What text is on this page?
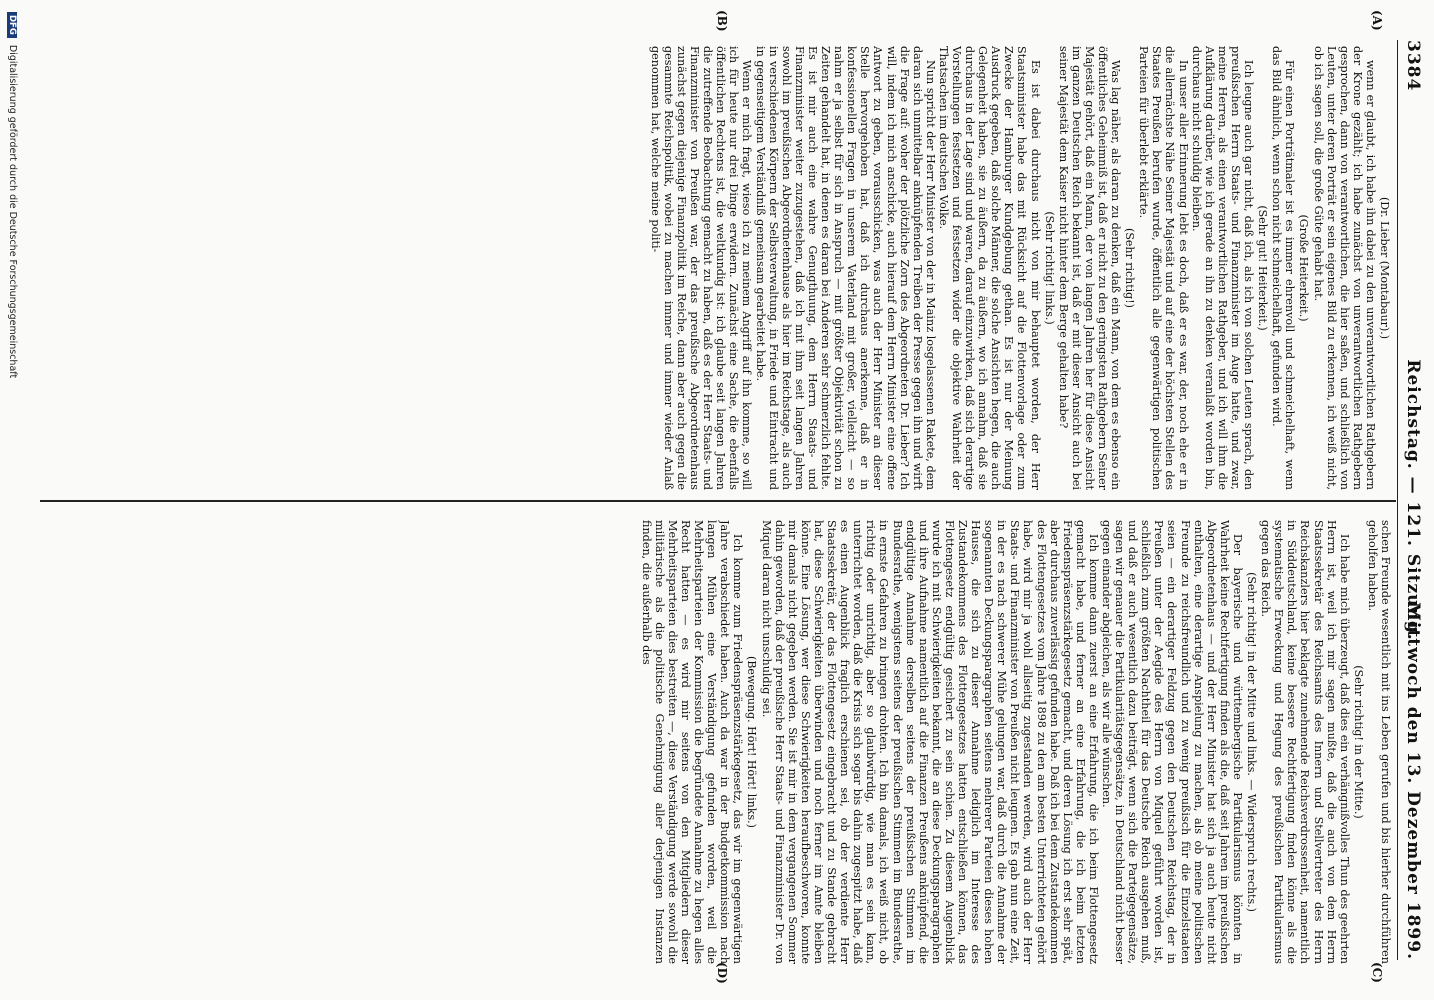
3384
Reichstag. — 121. Sitzung.
Mittwoch den 13. Dezember 1899.
(A)
(B)
(C)
(D)

(Dr. Lieber (Montabaur).)

wenn er glaubt, ich habe ihn dabei zu den unverantwortlichen Rathgebern der Krone gezählt; ich habe zunächst von unverantwortlichen Rathgebern gesprochen, dann von verantwortlichen, die hier saßen, und schließlich von Leuten, unter deren Porträt er sein eigenes Bild zu erkennen, ich weiß nicht, ob ich sagen soll, die große Güte gehabt hat.

(Große Heiterkeit.)

Für einen Porträtmaler ist es immer ehrenvoll und schmeichelhaft, wenn das Bild ähnlich, wenn schon nicht schmeichelhaft, gefunden wird.

(Sehr gut! Heiterkeit.)

Ich leugne auch gar nicht, daß ich, als ich von solchen Leuten sprach, den preußischen Herrn Staats- und Finanzminister im Auge hatte, und zwar, meine Herren, als einen verantwortlichen Rathgeber, und ich will ihm die Aufklärung darüber, wie ich gerade an ihn zu denken veranlaßt worden bin, durchaus nicht schuldig bleiben.

In unser aller Erinnerung lebt es doch, daß er es war, der, noch ehe er in die allernächste Nähe Seiner Majestät und auf eine der höchsten Stellen des Staates Preußen berufen wurde, öffentlich alle gegenwärtigen politischen Parteien für überlebt erklärte.

(Sehr richtig!)

Was lag näher, als daran zu denken, daß ein Mann, von dem es ebenso ein öffentliches Geheimniß ist, daß er nicht zu den geringsten Rathgebern Seiner Majestät gehört, daß ein Mann, der von langen Jahren her für diese Ansicht im ganzen Deutschen Reich bekannt ist, daß er mit dieser Ansicht auch bei seiner Majestät dem Kaiser nicht hinter dem Berge gehalten habe?

(Sehr richtig! links.)

Es ist dabei durchaus nicht von mir behauptet worden, der Herr Staatsminister habe das mit Rücksicht auf die Flottenvorlage oder zum Zwecke der Hamburger Kundgebung gethan. Es ist nur der Meinung Ausdruck gegeben, daß solche Männer, die solche Ansichten hegen, die auch Gelegenheit haben, sie zu äußern, da zu äußern, wo ich annahm, daß sie durchaus in der Lage sind und waren, darauf einzuwirken, daß sich derartige Vorstellungen festsetzen und festsetzen wider die objektive Wahrheit der Thatsachen im deutschen Volke.

Nun spricht der Herr Minister von der in Mainz losgelassenen Rakete, dem daran sich unmittelbar anknüpfenden Treiben der Presse gegen ihn und wirft die Frage auf: woher der plötzliche Zorn des Abgeordneten Dr. Lieber? Ich will, indem ich mich anschicke, auch hierauf dem Herrn Minister eine offene Antwort zu geben, vorausschicken, was auch der Herr Minister an dieser Stelle hervorgehoben hat, daß ich durchaus anerkenne, daß er in konfessionellen Fragen in unserem Vaterland mit großer, vielleicht — so nahm er ja selbst für sich in Anspruch — mit größter Objektivität schon zu Zeiten gehandelt hat, in denen es daran bei Anderen sehr schmerzlich fehlte. Es ist mir auch eine wahre Genugthuung, dem Herrn Staats- und Finanzminister weiter zuzugestehen, daß ich mit ihm seit langen Jahren sowohl im preußischen Abgeordnetenhause als hier im Reichstage, als auch in verschiedenen Körpern der Selbstverwaltung, in Friede und Eintracht und in gegenseitigem Verständniß gemeinsam gearbeitet habe.

Wenn er mich fragt, wieso ich zu meinem Angriff auf ihn komme, so will ich für heute nur drei Dinge erwidern. Zunächst eine Sache, die ebenfalls öffentlichen Rechtens ist, die weltkundig ist: ich glaube seit langen Jahren die zutreffende Beobachtung gemacht zu haben, daß es der Herr Staats- und Finanzminister von Preußen war, der das preußische Abgeordnetenhaus zunächst gegen diejenige Finanzpolitik im Reiche, dann aber auch gegen die gesammte Reichspolitik, wobei zu machen immer und immer wieder Anlaß genommen hat, welche meine politi-

schen Freunde wesentlich mit ins Leben gerufen und bis hierher durchführen geholfen haben.

(Sehr richtig! in der Mitte.)

Ich habe mich überzeugt, daß dies ein verhängnißvolles Thun des geehrten Herrn ist, weil ich mir sagen mußte, daß die auch von dem Herrn Staatssekretär des Reichsamts des Innern und Stellvertreter des Herrn Reichskanzlers hier beklagte zunehmende Reichsverdrossenheit, namentlich in Süddeutschland, keine bessere Rechtfertigung finden könne als die systematische Erweckung und Hegung des preußischen Partikularismus gegen das Reich.

(Sehr richtig! in der Mitte und links. — Widerspruch rechts.)

Der bayerische und württembergische Partikularismus könnten in Wahrheit keine Rechtfertigung finden als die, daß seit Jahren im preußischen Abgeordnetenhaus — und der Herr Minister hat sich ja auch heute nicht enthalten, eine derartige Anspielung zu machen, als ob meine politischen Freunde zu reichsfreundlich und zu wenig preußisch für die Einzelstaaten seien — ein derartiger Feldzug gegen den Deutschen Reichstag, der in Preußen unter der Aegide des Herrn von Miquel geführt worden ist, schließlich zum größten Nachtheil für das Deutsche Reich ausgehen muß, und daß er auch wesentlich dazu beiträgt, wenn sich die Parteigegensätze, sagen wir genauer die Partikularitätsgegensätze, in Deutschland nicht besser gegen einander abgleichen, als wir alle wünschen.

Ich komme dann zuerst an eine Erfahrung, die ich beim Flottengesetz gemacht habe, und ferner an eine Erfahrung, die ich beim letzten Friedenspräsenzstärkegesetz gemacht, und deren Lösung ich erst sehr spät, aber durchaus zuverlässig gefunden habe. Daß ich bei dem Zustandekommen des Flottengesetzes vom Jahre 1898 zu den am besten Unterrichteten gehört habe, wird mir ja wohl allseitig zugestanden werden, wird auch der Herr Staats- und Finanzminister von Preußen nicht leugnen. Es gab nun eine Zeit, in der es nach schwerer Mühe gelungen war, daß durch die Annahme der sogenannten Deckungsparagraphen seitens mehrerer Parteien dieses hohen Hauses, die sich zu dieser Annahme lediglich im Interesse des Zustandekommens des Flottengesetzes hatten entschließen können, das Flottengesetz endgültig gesichert zu sein schien. Zu diesem Augenblick wurde ich mit Schwierigkeiten bekannt, die an diese Deckungsparagraphen und ihre Aufnahme namentlich auf die Finanzen Preußens anknüpfend, die endgültige Annahme derselben seitens der preußischen Stimmen im Bundesrathe, wenigstens seitens der preußischen Stimmen im Bundesrathe, in ernste Gefahren zu bringen drohten. Ich bin damals, ich weiß nicht, ob richtig oder unrichtig, aber so glaubwürdig, wie man es sein kann, unterrichtet worden, daß die Krisis sich sogar bis dahin zugespitzt habe, daß es einen Augenblick fraglich erschienen sei, ob der verdiente Herr Staatssekretär, der das Flottengesetz eingebracht und zu Stande gebracht hat, diese Schwierigkeiten überwinden und noch ferner im Amte bleiben könne. Eine Lösung, wer diese Schwierigkeiten heraufbeschworen, konnte mir damals nicht gegeben werden. Sie ist mir in dem vergangenen Sommer dahin geworden, daß der preußische Herr Staats- und Finanzminister Dr. von Miquel daran nicht unschuldig sei.

(Bewegung. Hört! Hört! links.)

Ich komme zum Friedenspräsenzstärkegesetz, das wir im gegenwärtigen Jahre verabschiedet haben. Auch da war in der Budgetkommission nach langen Mühen eine Verständigung gefunden worden, weil die Mehrheitsparteien der Kommission die begründete Annahme zu hegen alles Recht hatten — es wird mir seitens von den Mitgliedern dieser Mehrheitsparteien dies bestreiten —, diese Verständigung werde sowohl die militärische als die politische Genehmigung aller derjenigen Instanzen finden, die außerhalb des

DFG Digitalisierung gefördert durch die Deutsche Forschungsgemeinschaft
